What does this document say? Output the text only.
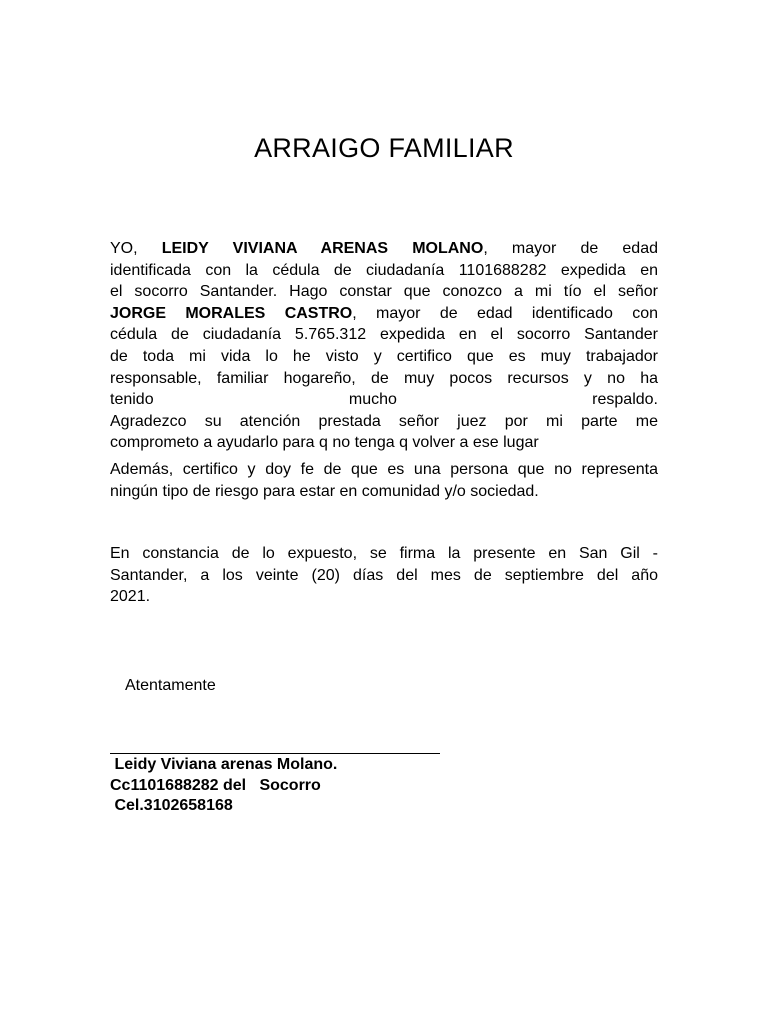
ARRAIGO FAMILIAR
YO, LEIDY VIVIANA ARENAS MOLANO, mayor de edad
identificada con la cédula de ciudadanía 1101688282 expedida en
el socorro Santander. Hago constar que conozco a mi tío el señor
JORGE MORALES CASTRO, mayor de edad identificado con
cédula de ciudadanía 5.765.312 expedida en el socorro Santander
de toda mi vida lo he visto y certifico que es muy trabajador
responsable, familiar hogareño, de muy pocos recursos y no ha
tenido mucho respaldo.
Agradezco su atención prestada señor juez por mi parte me
comprometo a ayudarlo para q no tenga q volver a ese lugar
Además, certifico y doy fe de que es una persona que no representa
ningún tipo de riesgo para estar en comunidad y/o sociedad.
En constancia de lo expuesto, se firma la presente en San Gil -
Santander, a los veinte (20) días del mes de septiembre del año
2021.
Atentamente
Leidy Viviana arenas Molano.
Cc1101688282 del   Socorro
Cel.3102658168
